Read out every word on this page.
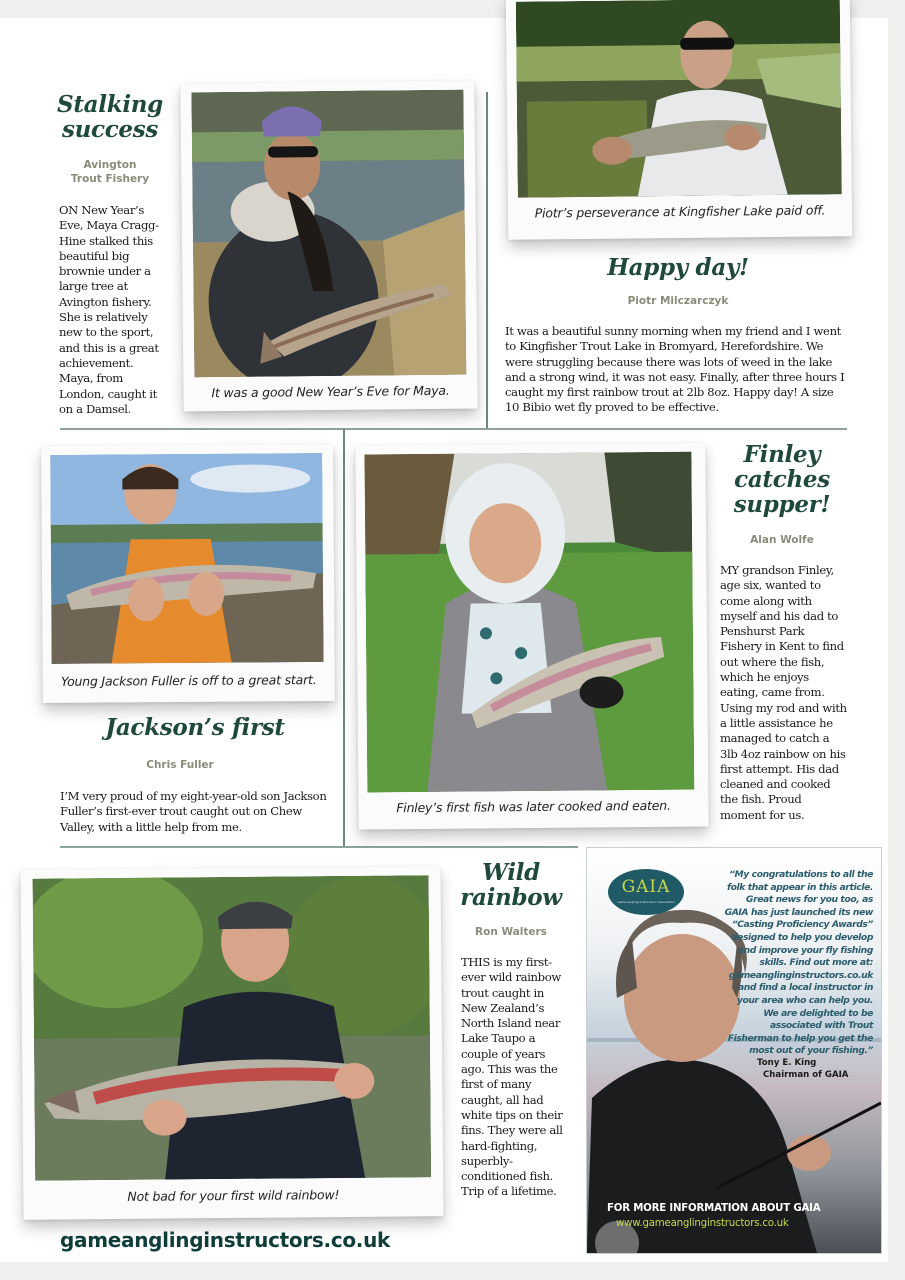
Stalking
success
Avington
Trout Fishery
ON New Year’s Eve, Maya Cragg-Hine stalked this beautiful big brownie under a large tree at Avington fishery. She is relatively new to the sport, and this is a great achievement. Maya, from London, caught it on a Damsel.
It was a good New Year’s Eve for Maya.
Piotr’s perseverance at Kingfisher Lake paid off.
Happy day!
Piotr Milczarczyk
It was a beautiful sunny morning when my friend and I went to Kingfisher Trout Lake in Bromyard, Herefordshire. We were struggling because there was lots of weed in the lake and a strong wind, it was not easy. Finally, after three hours I caught my first rainbow trout at 2lb 8oz. Happy day! A size 10 Bibio wet fly proved to be effective.
Young Jackson Fuller is off to a great start.
Jackson’s first
Chris Fuller
I’M very proud of my eight-year-old son Jackson Fuller’s first-ever trout caught out on Chew Valley, with a little help from me.
Finley’s first fish was later cooked and eaten.
Finley
catches
supper!
Alan Wolfe
MY grandson Finley, age six, wanted to come along with myself and his dad to Penshurst Park Fishery in Kent to find out where the fish, which he enjoys eating, came from. Using my rod and with a little assistance he managed to catch a 3lb 4oz rainbow on his first attempt. His dad cleaned and cooked the fish. Proud moment for us.
Not bad for your first wild rainbow!
Wild
rainbow
Ron Walters
THIS is my first-ever wild rainbow trout caught in New Zealand’s North Island near Lake Taupo a couple of years ago. This was the first of many caught, all had white tips on their fins. They were all hard-fighting, superbly-conditioned fish. Trip of a lifetime.
GAIA
Game Angling Instructors’ Association
“My congratulations to all the folk that appear in this article. Great news for you too, as GAIA has just launched its new “Casting Proficiency Awards” designed to help you develop and improve your fly fishing skills. Find out more at: gameanglinginstructors.co.uk and find a local instructor in your area who can help you. We are delighted to be associated with Trout Fisherman to help you get the most out of your fishing.”
Tony E. King
Chairman of GAIA
FOR MORE INFORMATION ABOUT GAIA
www.gameanglinginstructors.co.uk
gameanglinginstructors.co.uk
